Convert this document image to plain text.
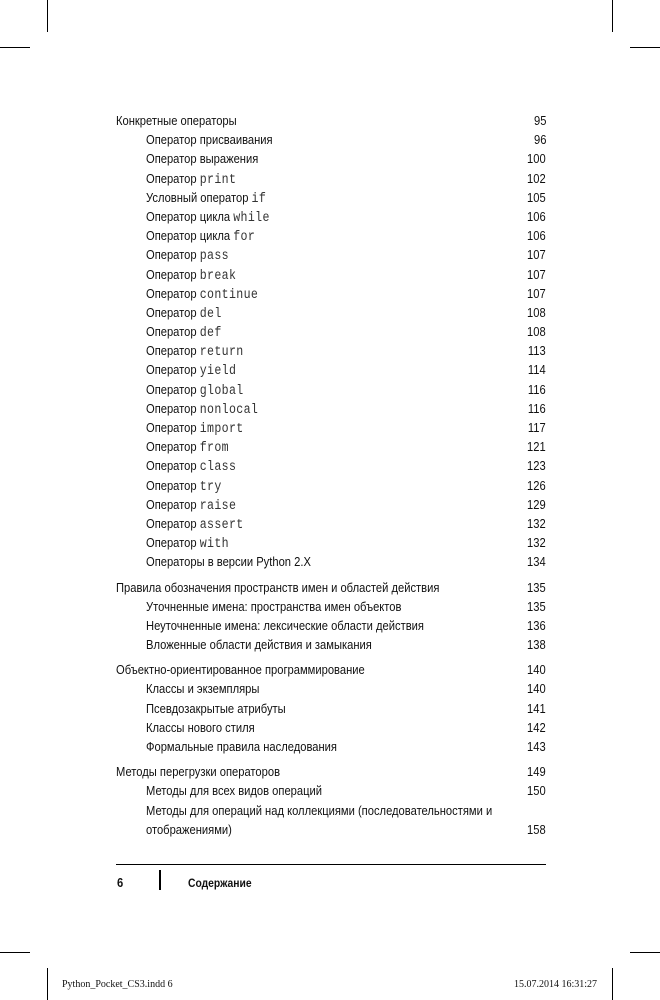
Конкретные операторы	95
Оператор присваивания	96
Оператор выражения	100
Оператор print	102
Условный оператор if	105
Оператор цикла while	106
Оператор цикла for	106
Оператор pass	107
Оператор break	107
Оператор continue	107
Оператор del	108
Оператор def	108
Оператор return	113
Оператор yield	114
Оператор global	116
Оператор nonlocal	116
Оператор import	117
Оператор from	121
Оператор class	123
Оператор try	126
Оператор raise	129
Оператор assert	132
Оператор with	132
Операторы в версии Python 2.X	134
Правила обозначения пространств имен и областей действия	135
Уточненные имена: пространства имен объектов	135
Неуточненные имена: лексические области действия	136
Вложенные области действия и замыкания	138
Объектно-ориентированное программирование	140
Классы и экземпляры	140
Псевдозакрытые атрибуты	141
Классы нового стиля	142
Формальные правила наследования	143
Методы перегрузки операторов	149
Методы для всех видов операций	150
Методы для операций над коллекциями (последовательностями и
отображениями)	158
6	Содержание
Python_Pocket_CS3.indd 6	15.07.2014 16:31:27
